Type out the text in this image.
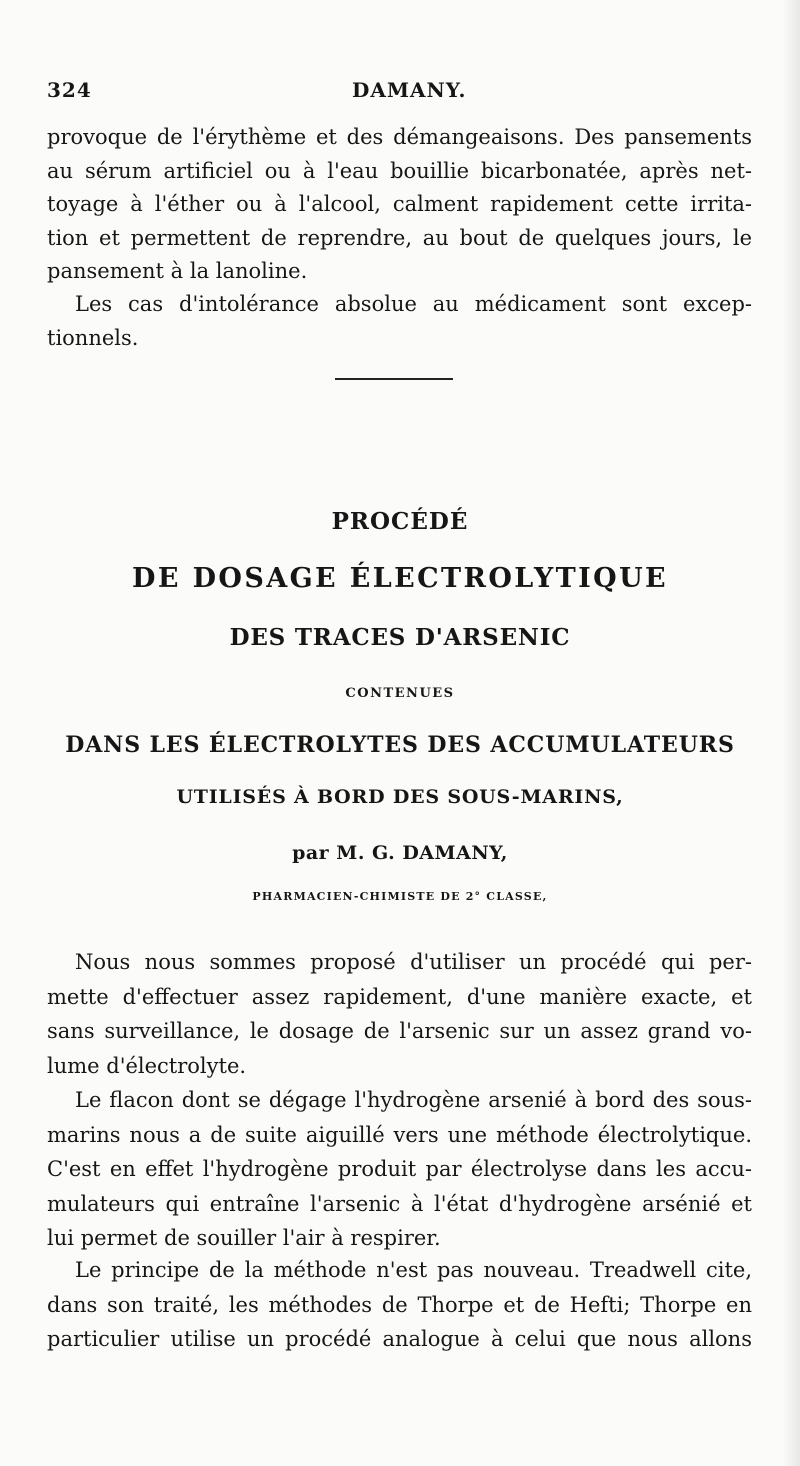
324	DAMANY.
provoque de l'érythème et des démangeaisons. Des pansements
au sérum artificiel ou à l'eau bouillie bicarbonatée, après net-
toyage à l'éther ou à l'alcool, calment rapidement cette irrita-
tion et permettent de reprendre, au bout de quelques jours, le
pansement à la lanoline.
Les cas d'intolérance absolue au médicament sont excep-
tionnels.
PROCÉDÉ
DE DOSAGE ÉLECTROLYTIQUE
DES TRACES D'ARSENIC
CONTENUES
DANS LES ÉLECTROLYTES DES ACCUMULATEURS
UTILISÉS À BORD DES SOUS-MARINS,
par M. G. DAMANY,
PHARMACIEN-CHIMISTE DE 2° CLASSE,
Nous nous sommes proposé d'utiliser un procédé qui per-
mette d'effectuer assez rapidement, d'une manière exacte, et
sans surveillance, le dosage de l'arsenic sur un assez grand vo-
lume d'électrolyte.
Le flacon dont se dégage l'hydrogène arsenié à bord des sous-
marins nous a de suite aiguillé vers une méthode électrolytique.
C'est en effet l'hydrogène produit par électrolyse dans les accu-
mulateurs qui entraîne l'arsenic à l'état d'hydrogène arsénié et
lui permet de souiller l'air à respirer.
Le principe de la méthode n'est pas nouveau. Treadwell cite,
dans son traité, les méthodes de Thorpe et de Hefti; Thorpe en
particulier utilise un procédé analogue à celui que nous allons
